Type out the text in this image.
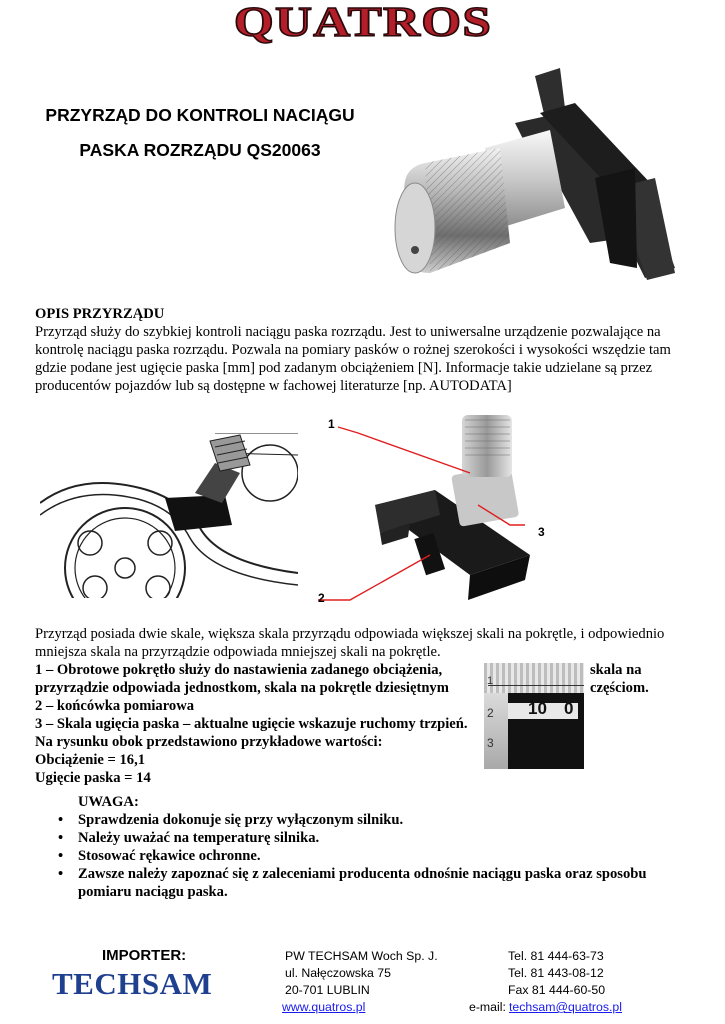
QUATROS
PRZYRZĄD DO KONTROLI NACIĄGU
PASKA ROZRZĄDU QS20063
OPIS PRZYRZĄDU
Przyrząd służy do szybkiej kontroli naciągu paska rozrządu. Jest to uniwersalne urządzenie pozwalające na
kontrolę naciągu paska rozrządu. Pozwala na pomiary pasków o rożnej szerokości i wysokości wszędzie tam
gdzie podane jest ugięcie paska [mm] pod zadanym obciążeniem [N]. Informacje takie udzielane są przez
producentów pojazdów lub są dostępne w fachowej literaturze [np. AUTODATA]
1
3
2
Przyrząd posiada dwie skale, większa skala przyrządu odpowiada większej skali na pokrętle, i odpowiednio
mniejsza skala na przyrządzie odpowiada mniejszej skali na pokrętle.
1 – Obrotowe pokrętło służy do nastawienia zadanego obciążenia,
przyrządzie odpowiada jednostkom, skala na pokrętle dziesiętnym
skala na
częściom.
2 – końcówka pomiarowa
3 – Skala ugięcia paska – aktualne ugięcie wskazuje ruchomy trzpień.
Na rysunku obok przedstawiono przykładowe wartości:
Obciążenie = 16,1
Ugięcie paska = 14
1
2
3
10 0
UWAGA:
• Sprawdzenia dokonuje się przy wyłączonym silniku.
• Należy uważać na temperaturę silnika.
• Stosować rękawice ochronne.
• Zawsze należy zapoznać się z zaleceniami producenta odnośnie naciągu paska oraz sposobu
pomiaru naciągu paska.
IMPORTER:
TECHSAM
PW TECHSAM Woch Sp. J.
ul. Nałęczowska 75
20-701 LUBLIN
www.quatros.pl
Tel. 81 444-63-73
Tel. 81 443-08-12
Fax 81 444-60-50
e-mail: techsam@quatros.pl
